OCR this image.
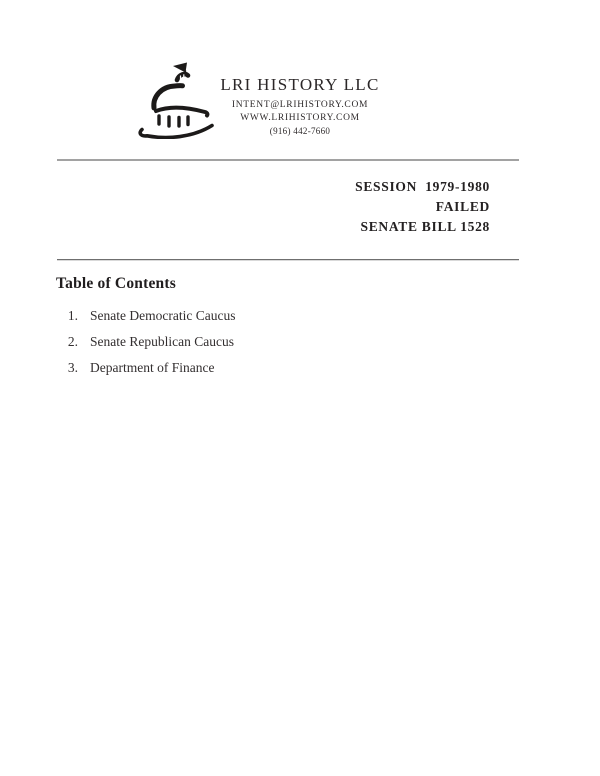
LRI HISTORY LLC
INTENT@LRIHISTORY.COM
WWW.LRIHISTORY.COM
(916) 442-7660
SESSION  1979-1980
FAILED
SENATE BILL 1528
Table of Contents
1. Senate Democratic Caucus
2. Senate Republican Caucus
3. Department of Finance
